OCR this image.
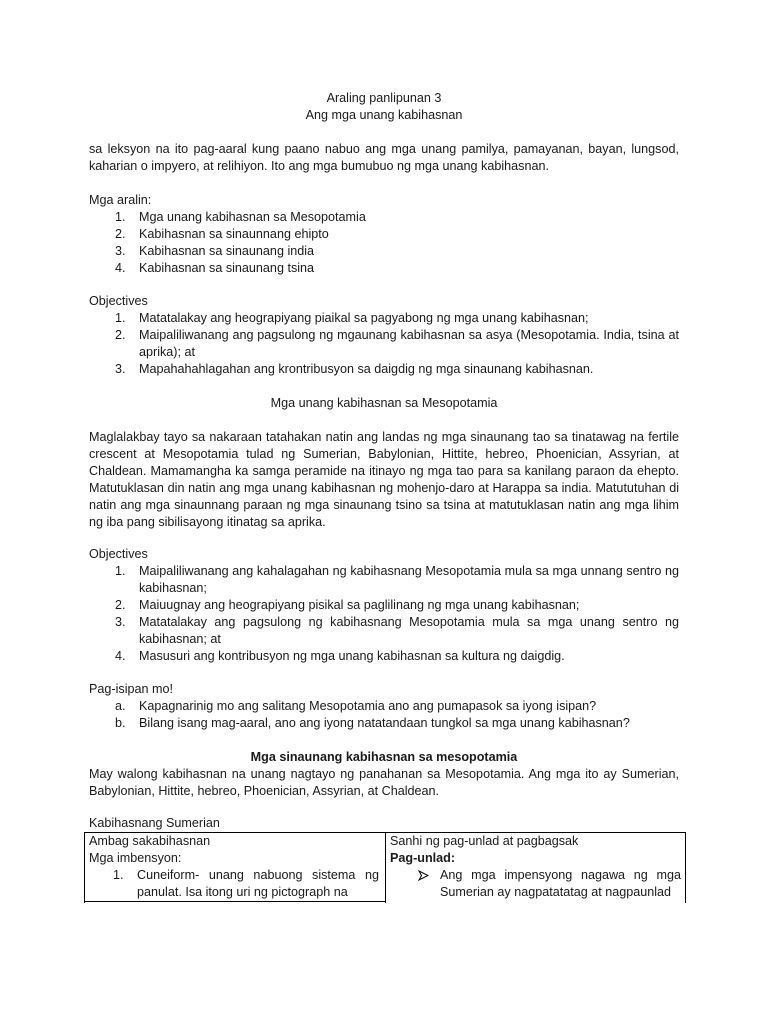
Araling panlipunan 3
Ang mga unang kabihasnan
sa leksyon na ito pag-aaral kung paano nabuo ang mga unang pamilya, pamayanan, bayan, lungsod, kaharian o impyero, at relihiyon. Ito ang mga bumubuo ng mga unang kabihasnan.

Mga aralin:

1. Mga unang kabihasnan sa Mesopotamia
2. Kabihasnan sa sinaunnang ehipto
3. Kabihasnan sa sinaunang india
4. Kabihasnan sa sinaunang tsina

Objectives

1. Matatalakay ang heograpiyang piaikal sa pagyabong ng mga unang kabihasnan;
2. Maipaliliwanang ang pagsulong ng mgaunang kabihasnan sa asya (Mesopotamia. India, tsina at aprika); at
3. Mapahahahlagahan ang krontribusyon sa daigdig ng mga sinaunang kabihasnan.
Mga unang kabihasnan sa Mesopotamia
Maglalakbay tayo sa nakaraan tatahakan natin ang landas ng mga sinaunang tao sa tinatawag na fertile crescent at Mesopotamia tulad ng Sumerian, Babylonian, Hittite, hebreo, Phoenician, Assyrian, at Chaldean. Mamamangha ka samga peramide na itinayo ng mga tao para sa kanilang paraon da ehepto. Matutuklasan din natin ang mga unang kabihasnan ng mohenjo-daro at Harappa sa india. Matututuhan di natin ang mga sinaunnang paraan ng mga sinaunang tsino sa tsina at matutuklasan natin ang mga lihim ng iba pang sibilisayong itinatag sa aprika.

Objectives

1. Maipaliliwanang ang kahalagahan ng kabihasnang Mesopotamia mula sa mga unnang sentro ng kabihasnan;
2. Maiuugnay ang heograpiyang pisikal sa paglilinang ng mga unang kabihasnan;
3. Matatalakay ang pagsulong ng kabihasnang Mesopotamia mula sa mga unang sentro ng kabihasnan; at
4. Masusuri ang kontribusyon ng mga unang kabihasnan sa kultura ng daigdig.

Pag-isipan mo!

a. Kapagnarinig mo ang salitang Mesopotamia ano ang pumapasok sa iyong isipan?
b. Bilang isang mag-aaral, ano ang iyong natatandaan tungkol sa mga unang kabihasnan?
Mga sinaunang kabihasnan sa mesopotamia
May walong kabihasnan na unang nagtayo ng panahanan sa Mesopotamia. Ang mga ito ay Sumerian, Babylonian, Hittite, hebreo, Phoenician, Assyrian, at Chaldean.
Kabihasnang Sumerian
Ambag sakabihasnan
Mga imbensyon:
1. Cuneiform- unang nabuong sistema ng panulat. Isa itong uri ng pictograph na
Sanhi ng pag-unlad at pagbagsak
Pag-unlad:
Ang mga impensyong nagawa ng mga Sumerian ay nagpatatatag at nagpaunlad
